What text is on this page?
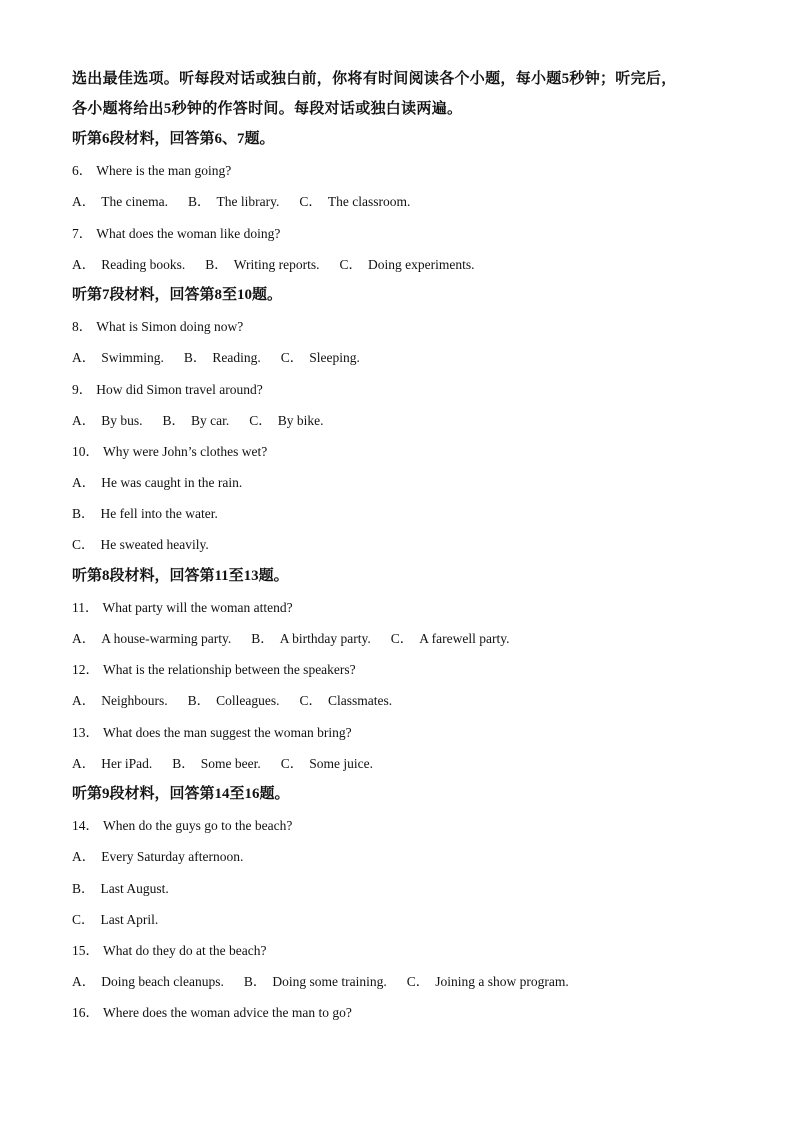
选出最佳选项。听每段对话或独白前，你将有时间阅读各个小题，每小题5秒钟；听完后，
各小题将给出5秒钟的作答时间。每段对话或独白读两遍。
听第6段材料，回答第6、7题。
6． Where is the man going?
A． The cinema. B． The library. C． The classroom.
7． What does the woman like doing?
A． Reading books. B． Writing reports. C． Doing experiments.
听第7段材料，回答第8至10题。
8． What is Simon doing now?
A． Swimming. B． Reading. C． Sleeping.
9． How did Simon travel around?
A． By bus. B． By car. C． By bike.
10． Why were John’s clothes wet?
A． He was caught in the rain.
B． He fell into the water.
C． He sweated heavily.
听第8段材料，回答第11至13题。
11． What party will the woman attend?
A． A house-warming party. B． A birthday party. C． A farewell party.
12． What is the relationship between the speakers?
A． Neighbours. B． Colleagues. C． Classmates.
13． What does the man suggest the woman bring?
A． Her iPad. B． Some beer. C． Some juice.
听第9段材料，回答第14至16题。
14． When do the guys go to the beach?
A． Every Saturday afternoon.
B． Last August.
C． Last April.
15． What do they do at the beach?
A． Doing beach cleanups. B． Doing some training. C． Joining a show program.
16． Where does the woman advice the man to go?
